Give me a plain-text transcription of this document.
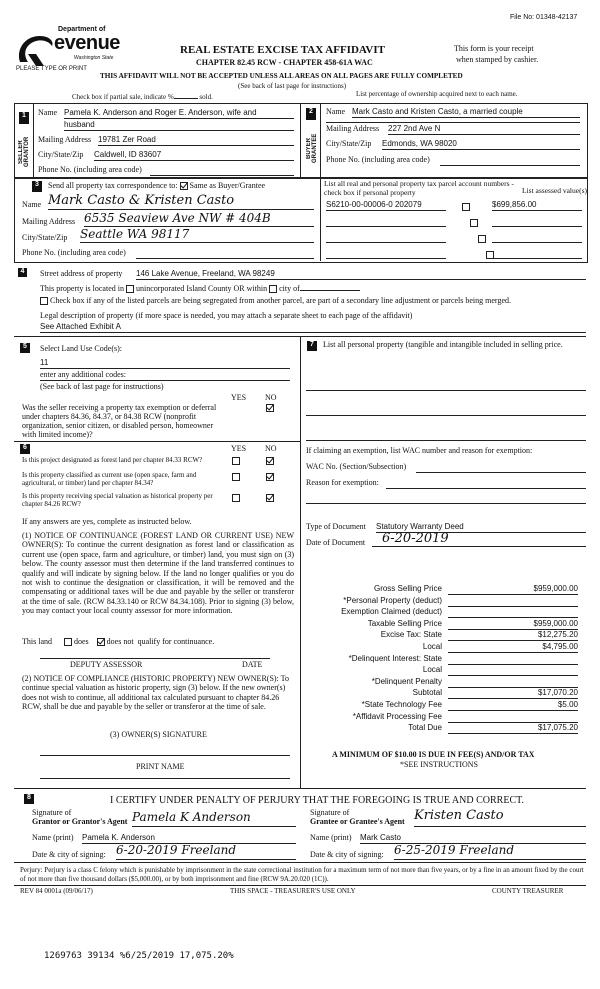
File No: 01348-42137
Department of
evenue
Washington State
PLEASE TYPE OR PRINT
REAL ESTATE EXCISE TAX AFFIDAVIT
CHAPTER 82.45 RCW - CHAPTER 458-61A WAC
This form is your receipt
when stamped by cashier.
THIS AFFIDAVIT WILL NOT BE ACCEPTED UNLESS ALL AREAS ON ALL PAGES ARE FULLY COMPLETED
(See back of last page for instructions)
Check box if partial sale, indicate %	sold.	List percentage of ownership acquired next to each name.
1
SELLER GRANTOR
Name Pamela K. Anderson and Roger E. Anderson, wife and
husband
Mailing Address 19781 Zer Road
City/State/Zip Caldwell, ID 83607
Phone No. (including area code)
2
BUYER GRANTEE
Name Mark Casto and Kristen Casto, a married couple
Mailing Address 227 2nd Ave N
City/State/Zip Edmonds, WA 98020
Phone No. (including area code)
3	Send all property tax correspondence to: Same as Buyer/Grantee
Name Mark Casto & Kristen Casto
Mailing Address 6535 Seaview Ave NW # 404B
City/State/Zip Seattle WA 98117
Phone No. (including area code)
List all real and personal property tax parcel account numbers - check box if personal property	List assessed value(s)
S6210-00-00006-0 202079	$699,856.00
4	Street address of property 146 Lake Avenue, Freeland, WA 98249
This property is located in unincorporated Island County OR within city of
Check box if any of the listed parcels are being segregated from another parcel, are part of a secondary line adjustment or parcels being merged.
Legal description of property (if more space is needed, you may attach a separate sheet to each page of the affidavit)
See Attached Exhibit A
5	Select Land Use Code(s):
11
enter any additional codes:
(See back of last page for instructions)
YES NO
Was the seller receiving a property tax exemption or deferral under chapters 84.36, 84.37, or 84.38 RCW (nonprofit organization, senior citizen, or disabled person, homeowner with limited income)?
6	YES NO
Is this project designated as forest land per chapter 84.33 RCW?
Is this property classified as current use (open space, farm and agricultural, or timber) land per chapter 84.34?
Is this property receiving special valuation as historical property per chapter 84.26 RCW?
If any answers are yes, complete as instructed below.
(1) NOTICE OF CONTINUANCE (FOREST LAND OR CURRENT USE) NEW OWNER(S): To continue the current designation as forest land or classification as current use (open space, farm and agriculture, or timber) land, you must sign on (3) below. The county assessor must then determine if the land transferred continues to qualify and will indicate by signing below. If the land no longer qualifies or you do not wish to continue the designation or classification, it will be removed and the compensating or additional taxes will be due and payable by the seller or transferor at the time of sale. (RCW 84.33.140 or RCW 84.34.108). Prior to signing (3) below, you may contact your local county assessor for more information.
This land	does does not qualify for continuance.
DEPUTY ASSESSOR	DATE
(2) NOTICE OF COMPLIANCE (HISTORIC PROPERTY) NEW OWNER(S): To continue special valuation as historic property, sign (3) below. If the new owner(s) does not wish to continue, all additional tax calculated pursuant to chapter 84.26 RCW, shall be due and payable by the seller or transferor at the time of sale.
(3) OWNER(S) SIGNATURE
PRINT NAME
7	List all personal property (tangible and intangible included in selling price.
If claiming an exemption, list WAC number and reason for exemption:
WAC No. (Section/Subsection)
Reason for exemption:
Type of Document Statutory Warranty Deed
Date of Document	6-20-2019
Gross Selling Price	$959,000.00
*Personal Property (deduct)
Exemption Claimed (deduct)
Taxable Selling Price	$959,000.00
Excise Tax: State	$12,275.20
Local	$4,795.00
*Delinquent Interest: State
Local
*Delinquent Penalty
Subtotal	$17,070.20
*State Technology Fee	$5.00
*Affidavit Processing Fee
Total Due	$17,075.20
A MINIMUM OF $10.00 IS DUE IN FEE(S) AND/OR TAX
*SEE INSTRUCTIONS
8	I CERTIFY UNDER PENALTY OF PERJURY THAT THE FOREGOING IS TRUE AND CORRECT.
Signature of
Grantor or Grantor's Agent Pamela K Anderson
Name (print) Pamela K. Anderson
Date & city of signing: 6-20-2019 Freeland
Signature of
Grantee or Grantee's Agent Kristen Casto
Name (print) Mark Casto
Date & city of signing: 6-25-2019 Freeland
Perjury: Perjury is a class C felony which is punishable by imprisonment in the state correctional institution for a maximum term of not more than five years, or by a fine in an amount fixed by the court of not more than five thousand dollars ($5,000.00), or by both imprisonment and fine (RCW 9A.20.020 (1C)).
REV 84 0001a (09/06/17)	THIS SPACE - TREASURER'S USE ONLY	COUNTY TREASURER
1269763 39134 %6/25/2019 17,075.20%
